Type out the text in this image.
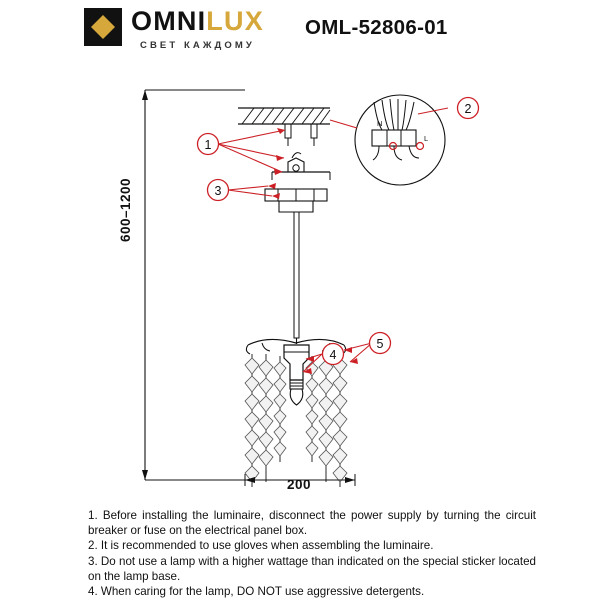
OMNILUX
СВЕТ КАЖДОМУ
OML-52806-01
N
L
1
3
2
4
5
600–1200
200

1. Before installing the luminaire, disconnect the power supply by turning the circuit breaker or fuse on the electrical panel box.

2. It is recommended to use gloves when assembling the luminaire.

3. Do not use a lamp with a higher wattage than indicated on the special sticker located on the lamp base.

4. When caring for the lamp, DO NOT use aggressive detergents.
